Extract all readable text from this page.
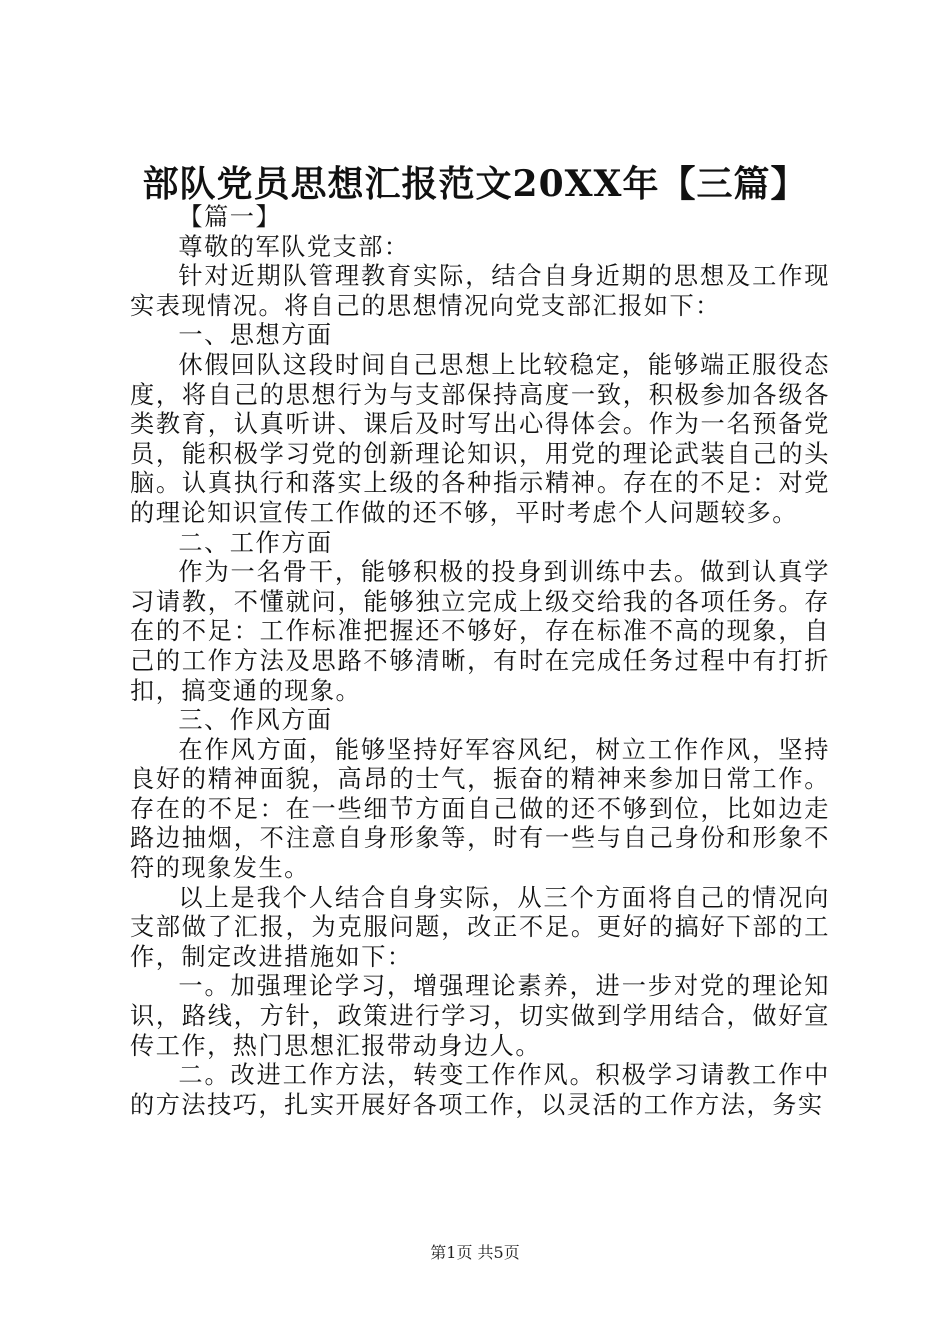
部队党员思想汇报范文20XX年【三篇】

【篇一】

尊敬的军队党支部：

针对近期队管理教育实际，结合自身近期的思想及工作现实表现情况。将自己的思想情况向党支部汇报如下：

一、思想方面

休假回队这段时间自己思想上比较稳定，能够端正服役态度，将自己的思想行为与支部保持高度一致，积极参加各级各类教育，认真听讲、课后及时写出心得体会。作为一名预备党员，能积极学习党的创新理论知识，用党的理论武装自己的头脑。认真执行和落实上级的各种指示精神。存在的不足：对党的理论知识宣传工作做的还不够，平时考虑个人问题较多。

二、工作方面

作为一名骨干，能够积极的投身到训练中去。做到认真学习请教，不懂就问，能够独立完成上级交给我的各项任务。存在的不足：工作标准把握还不够好，存在标准不高的现象，自己的工作方法及思路不够清晰，有时在完成任务过程中有打折扣，搞变通的现象。

三、作风方面

在作风方面，能够坚持好军容风纪，树立工作作风，坚持良好的精神面貌，高昂的士气，振奋的精神来参加日常工作。存在的不足：在一些细节方面自己做的还不够到位，比如边走路边抽烟，不注意自身形象等，时有一些与自己身份和形象不符的现象发生。

以上是我个人结合自身实际，从三个方面将自己的情况向支部做了汇报，为克服问题，改正不足。更好的搞好下部的工作，制定改进措施如下：

一。加强理论学习，增强理论素养，进一步对党的理论知识，路线，方针，政策进行学习，切实做到学用结合，做好宣传工作，热门思想汇报带动身边人。

二。改进工作方法，转变工作作风。积极学习请教工作中的方法技巧，扎实开展好各项工作，以灵活的工作方法，务实

第1页 共5页
